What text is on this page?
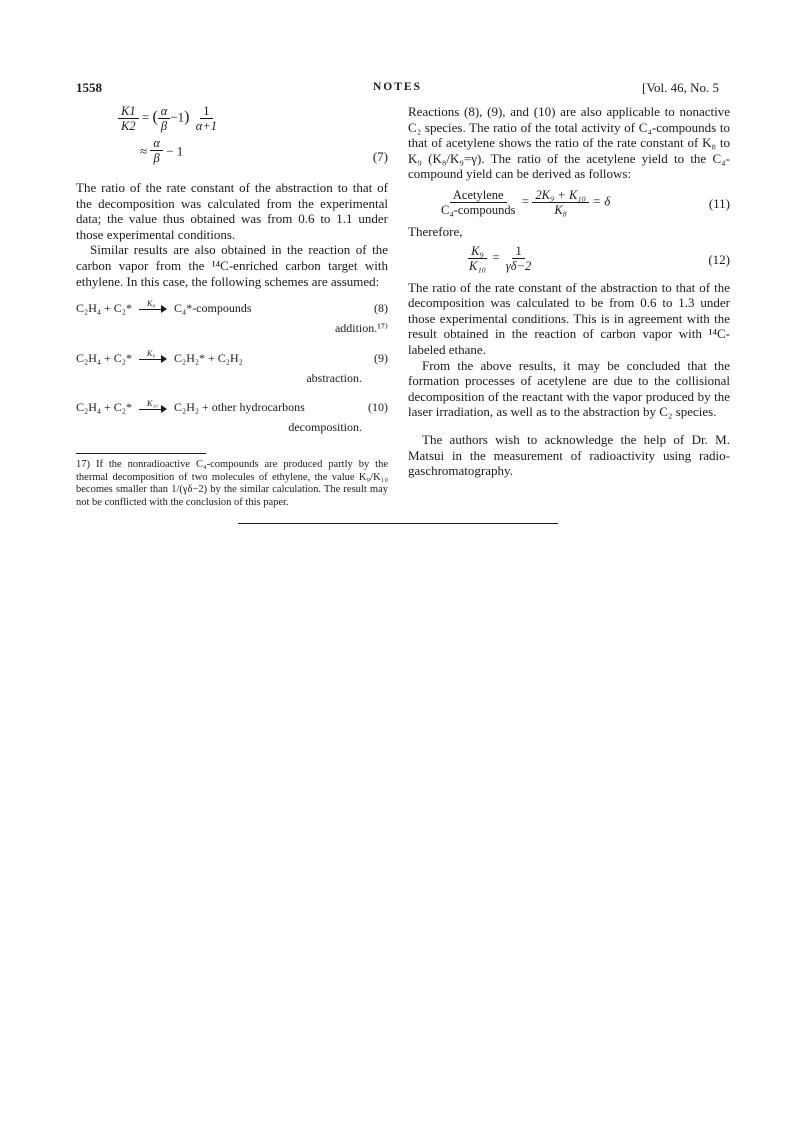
1558	NOTES	[Vol. 46, No. 5
$\frac{K1}{K2}$ = ( $\frac{\alpha}{\beta} -1) \frac{1}{\alpha+1}$
≈ $\frac{\alpha}{\beta} - 1$	(7)

The ratio of the rate constant of the abstraction to that of the decomposition was calculated from the experimental data; the value thus obtained was from 0.6 to 1.1 under those experimental conditions.

Similar results are also obtained in the reaction of the carbon vapor from the ¹⁴C-enriched carbon target with ethylene. In this case, the following schemes are assumed:

C₂H₄ + C₂* K₈ C₄*-compounds	(8)
addition.¹⁷⁾
C₂H₄ + C₂* K₉ C₂H₂* + C₂H₂	(9)
abstraction.
C₂H₄ + C₂* K₁₀ C₂H₂ + other hydrocarbons	(10)
decomposition.

17) If the nonradioactive C₄-compounds are produced partly by the thermal decomposition of two molecules of ethylene, the value K₉/K₁₀ becomes smaller than 1/(γδ−2) by the similar calculation. The result may not be conflicted with the conclusion of this paper.

Reactions (8), (9), and (10) are also applicable to nonactive C₂ species. The ratio of the total activity of C₄-compounds to that of acetylene shows the ratio of the rate constant of K₈ to K₉ (K₈/K₉=γ). The ratio of the acetylene yield to the C₄-compound yield can be derived as follows:

$\frac{\text{Acetylene}}{\text{C₄-compounds}} = \frac{\text{2K₉ + K₁₀}}{\text{K₈}} = \delta$	(11)

Therefore,

$\frac{\text{K₉}}{\text{K₁₀}} = \frac{1}{\gamma\delta-2}$	(12)

The ratio of the rate constant of the abstraction to that of the decomposition was calculated to be from 0.6 to 1.3 under those experimental conditions. This is in agreement with the result obtained in the reaction of carbon vapor with ¹⁴C-labeled ethane.

From the above results, it may be concluded that the formation processes of acetylene are due to the collisional decomposition of the reactant with the vapor produced by the laser irradiation, as well as to the abstraction by C₂ species.

The authors wish to acknowledge the help of Dr. M. Matsui in the measurement of radioactivity using radio-gaschromatography.
